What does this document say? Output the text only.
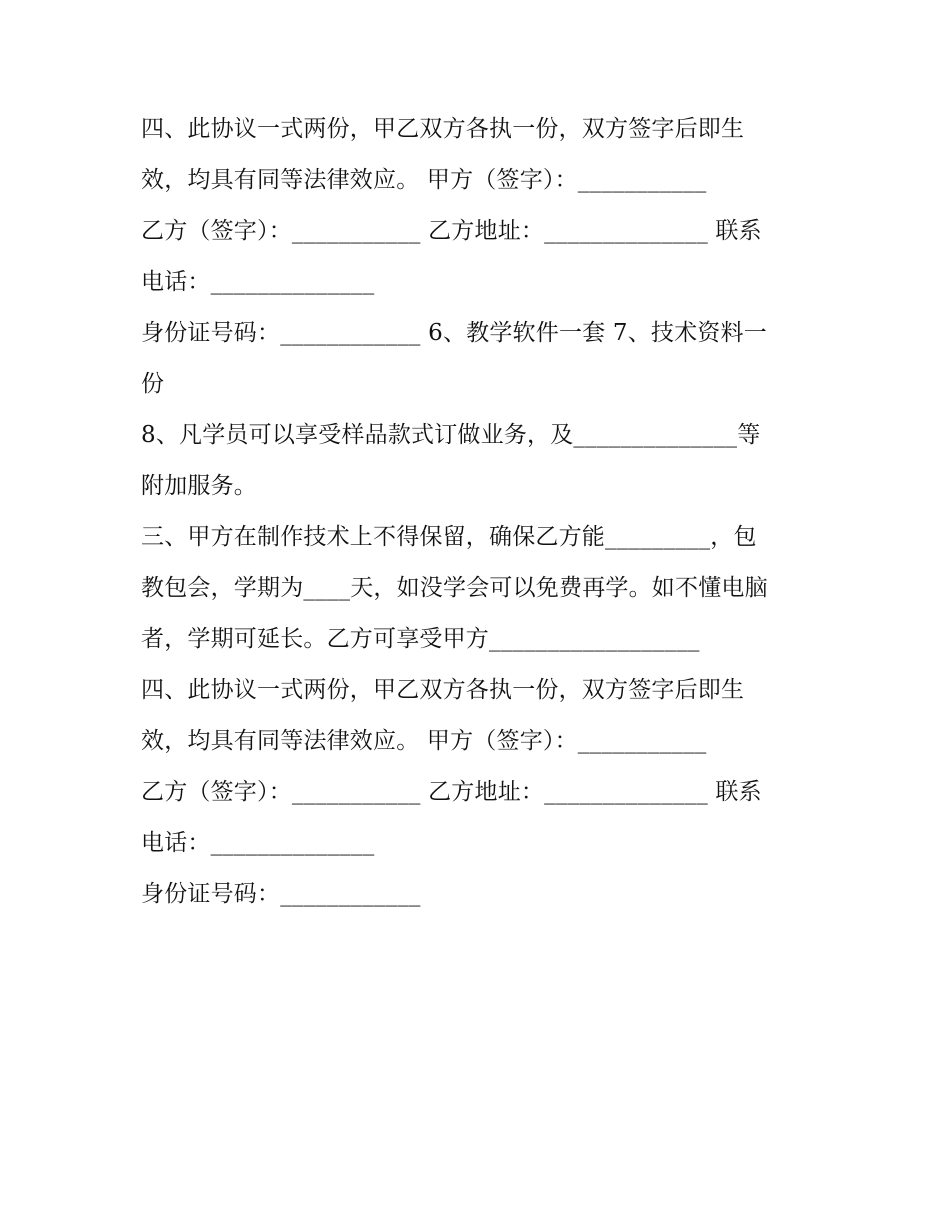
四、此协议一式两份，甲乙双方各执一份，双方签字后即生
效，均具有同等法律效应。 甲方（签字）：___________
乙方（签字）：___________ 乙方地址：______________ 联系
电话：______________
身份证号码：____________ 6、教学软件一套 7、技术资料一
份
8、凡学员可以享受样品款式订做业务，及______________等
附加服务。
三、甲方在制作技术上不得保留，确保乙方能_________，包
教包会，学期为____天，如没学会可以免费再学。如不懂电脑
者，学期可延长。乙方可享受甲方__________________
四、此协议一式两份，甲乙双方各执一份，双方签字后即生
效，均具有同等法律效应。 甲方（签字）：___________
乙方（签字）：___________ 乙方地址：______________ 联系
电话：______________
身份证号码：____________
